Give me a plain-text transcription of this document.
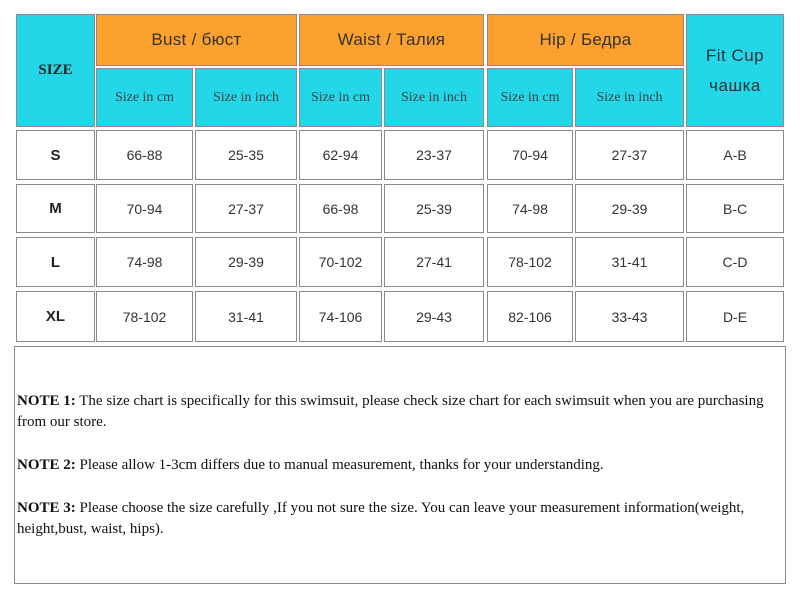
SIZE
Bust / бюст	Waist / Талия	Hip / Бедра
Fit Cup
чашка
Size in cm	Size in inch	Size in cm	Size in inch	Size in cm	Size in inch
S	66-88	25-35	62-94	23-37	70-94	27-37	A-B
M	70-94	27-37	66-98	25-39	74-98	29-39	B-C
L	74-98	29-39	70-102	27-41	78-102	31-41	C-D
XL	78-102	31-41	74-106	29-43	82-106	33-43	D-E

NOTE 1: The size chart is specifically for this swimsuit, please check size chart for each swimsuit when you are purchasing from our store.

NOTE 2: Please allow 1-3cm differs due to manual measurement, thanks for your understanding.

NOTE 3: Please choose the size carefully ,If you not sure the size. You can leave your measurement information(weight, height,bust, waist, hips).
